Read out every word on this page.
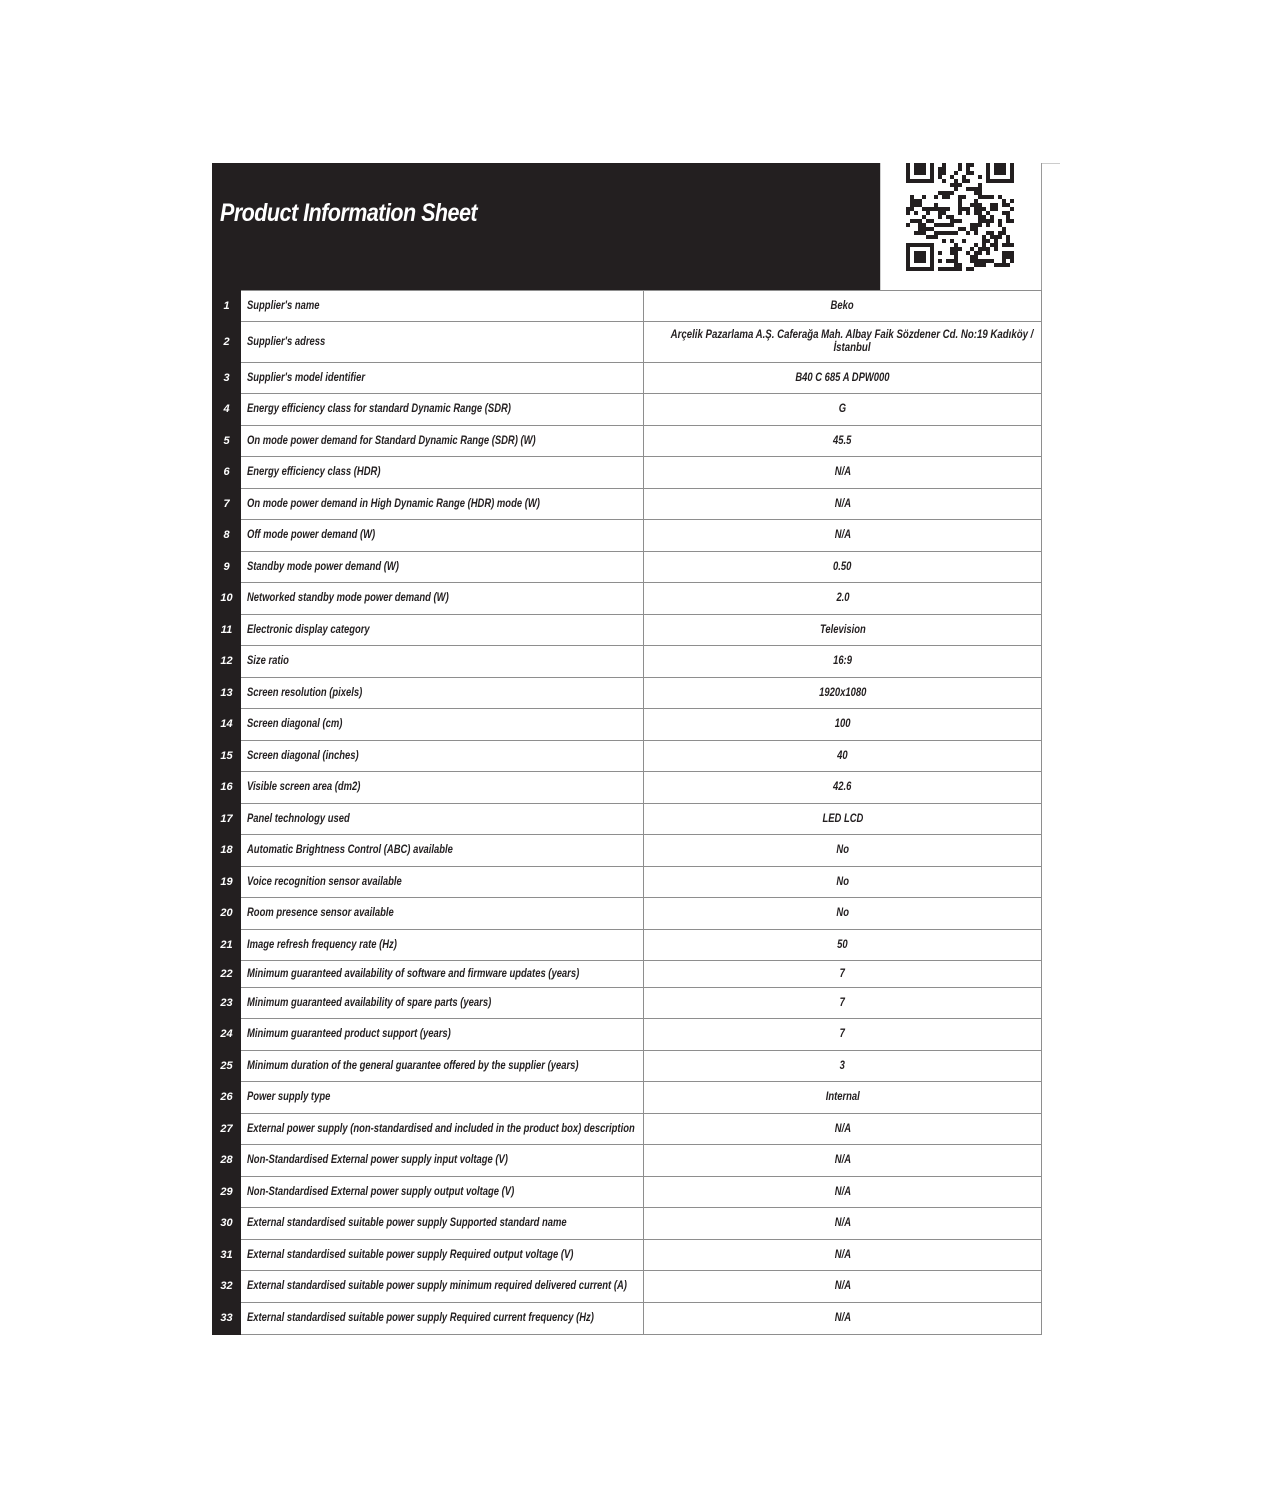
Product Information Sheet
1	Supplier's name	Beko
2	Supplier's adress	Arçelik Pazarlama A.Ş. Caferağa Mah. Albay Faik Sözdener Cd. No:19 Kadıköy / İstanbul
3	Supplier's model identifier	B40 C 685 A DPW000
4	Energy efficiency class for standard Dynamic Range (SDR)	G
5	On mode power demand for Standard Dynamic Range (SDR) (W)	45.5
6	Energy efficiency class (HDR)	N/A
7	On mode power demand in High Dynamic Range (HDR) mode (W)	N/A
8	Off mode power demand (W)	N/A
9	Standby mode power demand (W)	0.50
10	Networked standby mode power demand (W)	2.0
11	Electronic display category	Television
12	Size ratio	16:9
13	Screen resolution (pixels)	1920x1080
14	Screen diagonal (cm)	100
15	Screen diagonal (inches)	40
16	Visible screen area (dm2)	42.6
17	Panel technology used	LED LCD
18	Automatic Brightness Control (ABC) available	No
19	Voice recognition sensor available	No
20	Room presence sensor available	No
21	Image refresh frequency rate (Hz)	50
22	Minimum guaranteed availability of software and firmware updates (years)	7
23	Minimum guaranteed availability of spare parts (years)	7
24	Minimum guaranteed product support (years)	7
25	Minimum duration of the general guarantee offered by the supplier (years)	3
26	Power supply type	Internal
27	External power supply (non-standardised and included in the product box) description	N/A
28	Non-Standardised External power supply input voltage (V)	N/A
29	Non-Standardised External power supply output voltage (V)	N/A
30	External standardised suitable power supply Supported standard name	N/A
31	External standardised suitable power supply Required output voltage (V)	N/A
32	External standardised suitable power supply minimum required delivered current (A)	N/A
33	External standardised suitable power supply Required current frequency (Hz)	N/A
